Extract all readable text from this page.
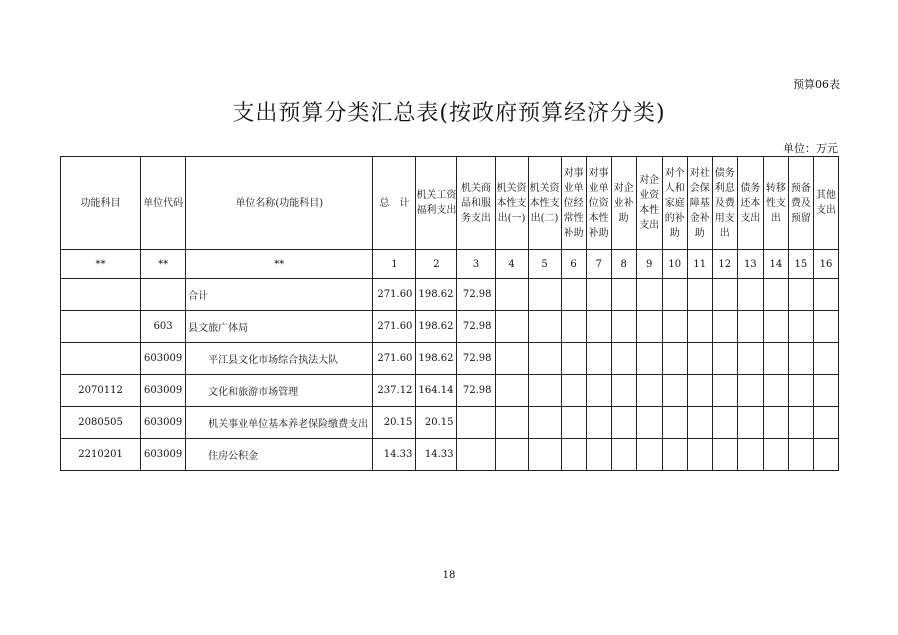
预算06表
支出预算分类汇总表(按政府预算经济分类)
单位：万元
功能科目	单位代码	单位名称(功能科目)	总　计	机关工资福利支出	机关商品和服务支出	机关资本性支出(一)	机关资本性支出(二)	对事业单位经常性补助	对事业单位资本性补助	对企业补助	对企业资本性支出	对个人和家庭的补助	对社会保障基金补助	债务利息及费用支出	债务还本支出	转移性支出	预备费及预留	其他支出
**	**	**	1	2	3	4	5	6	7	8	9	10	11	12	13	14	15	16
		合计	271.60	198.62	72.98													
	603	县文旅广体局	271.60	198.62	72.98													
	603009	平江县文化市场综合执法大队	271.60	198.62	72.98													
2070112	603009	文化和旅游市场管理	237.12	164.14	72.98													
2080505	603009	机关事业单位基本养老保险缴费支出	20.15	20.15														
2210201	603009	住房公积金	14.33	14.33														
18
